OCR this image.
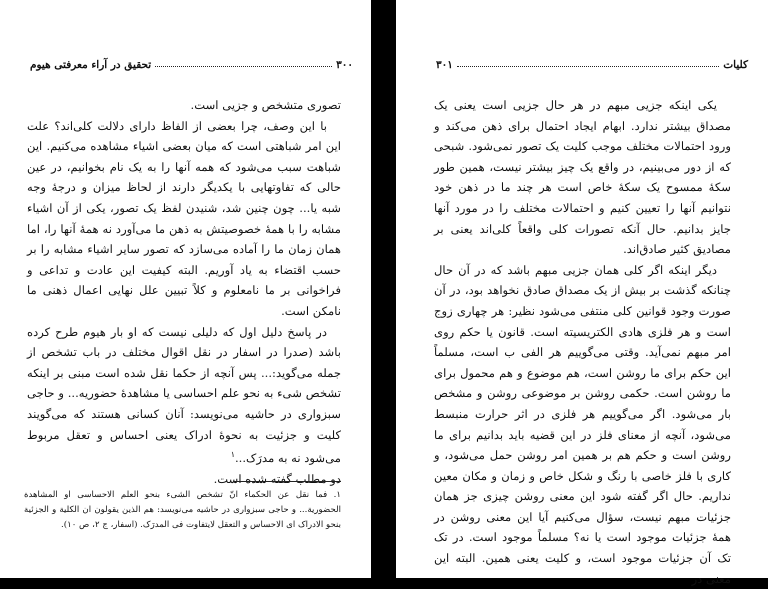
۳۰۰
تحقیق در آراء معرفتی هیوم

تصوری متشخص و جزیی است.

با این وصف، چرا بعضی از الفاظ دارای دلالت کلی‌اند؟ علت این امر شباهتی است که میان بعضی اشیاء مشاهده می‌کنیم. این شباهت سبب می‌شود که همه آنها را به یک نام بخوانیم، در عین حالی که تفاوتهایی با یکدیگر دارند از لحاظ میزان و درجهٔ وجه شبه یا... چون چنین شد، شنیدن لفظ یک تصور، یکی از آن اشیاء مشابه را با همهٔ خصوصیتش به ذهن ما می‌آورد نه همهٔ آنها را، اما همان زمان ما را آماده می‌سازد که تصور سایر اشیاء مشابه را بر حسب اقتضاء به یاد آوریم. البته کیفیت این عادت و تداعی و فراخوانی بر ما نامعلوم و کلاً تبیین علل نهایی اعمال ذهنی ما نامکن است.

در پاسخ دلیل اول که دلیلی نیست که او بار هیوم طرح کرده باشد (صدرا در اسفار در نقل اقوال مختلف در باب تشخص از جمله می‌گوید:... پس آنچه از حکما نقل شده است مبنی بر اینکه تشخص شیء به نحو علم احساسی یا مشاهدهٔ حضوریه... و حاجی سبزواری در حاشیه می‌نویسد: آنان کسانی هستند که می‌گویند کلیت و جزئیت به نحوهٔ ادراک یعنی احساس و تعقل مربوط می‌شود نه به مدرَک...$^۱$

دو مطلب گفته شده است.

۱. فما نقل عن الحکماء انّ تشخص الشیء بنحو العلم الاحساسی او المشاهدة الحضوریة... و حاجی سبزواری در حاشیه می‌نویسد: هم الذین یقولون ان الکلیة و الجزئیة بنحو الادراک ای الاحساس و التعقل لایتفاوت فی المدرَک. (اسفار، ج ۲، ص ۱۰).
کلیات
۳۰۱

یکی اینکه جزیی مبهم در هر حال جزیی است یعنی یک مصداق بیشتر ندارد. ابهام ایجاد احتمال برای ذهن می‌کند و ورود احتمالات مختلف موجب کلیت یک تصور نمی‌شود. شبحی که از دور می‌بینیم، در واقع یک چیز بیشتر نیست، همین طور سکهٔ ممسوح یک سکهٔ خاص است هر چند ما در ذهن خود نتوانیم آنها را تعیین کنیم و احتمالات مختلف را در مورد آنها جایز بدانیم. حال آنکه تصورات کلی واقعاً کلی‌اند یعنی بر مصادیق کثیر صادق‌اند.

دیگر اینکه اگر کلی همان جزیی مبهم باشد که در آن حال چنانکه گذشت بر بیش از یک مصداق صادق نخواهد بود، در آن صورت وجود قوانین کلی منتفی می‌شود نظیر: هر چهاری زوج است و هر فلزی هادی الکتریسیته است. قانون یا حکم روی امر مبهم نمی‌آید. وقتی می‌گوییم هر الفی ب است، مسلماً این حکم برای ما روشن است، هم موضوع و هم محمول برای ما روشن است. حکمی روشن بر موضوعی روشن و مشخص بار می‌شود. اگر می‌گوییم هر فلزی در اثر حرارت منبسط می‌شود، آنچه از معنای فلز در این قضیه باید بدانیم برای ما روشن است و حکم هم بر همین امر روشن حمل می‌شود، و کاری با فلز خاصی با رنگ و شکل خاص و زمان و مکان معین نداریم. حال اگر گفته شود این معنی روشن چیزی جز همان جزئیات مبهم نیست، سؤال می‌کنیم آیا این معنی روشن در همهٔ جزئیات موجود است یا نه؟ مسلماً موجود است. در تک تک آن جزئیات موجود است، و کلیت یعنی همین. البته این معنی در
